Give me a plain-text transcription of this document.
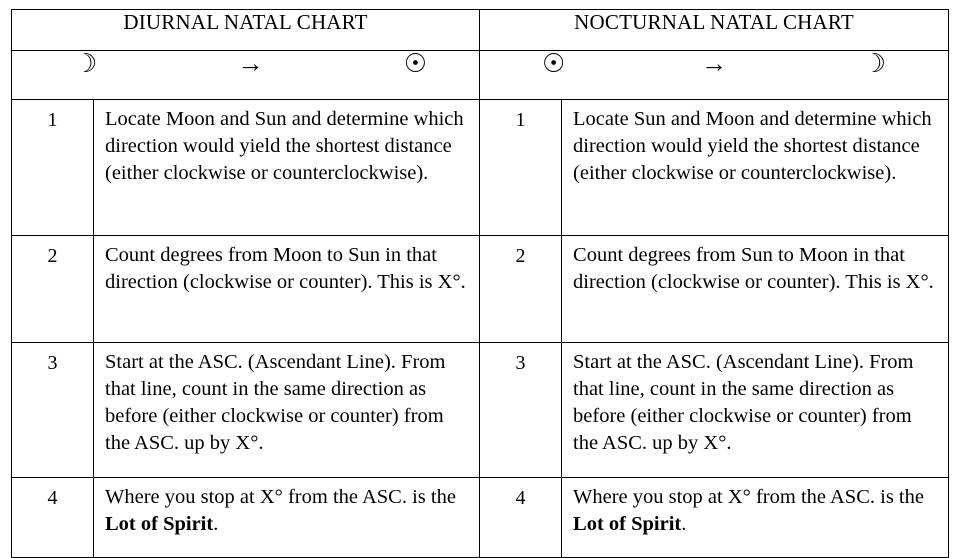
DIURNAL NATAL CHART		NOCTURNAL NATAL CHART	

☽ → ☉		☉ → ☽	

1	Locate Moon and Sun and determine which direction would yield the shortest distance (either clockwise or counterclockwise).	1	Locate Sun and Moon and determine which direction would yield the shortest distance (either clockwise or counterclockwise).
2	Count degrees from Moon to Sun in that direction (clockwise or counter). This is X°.	2	Count degrees from Sun to Moon in that direction (clockwise or counter). This is X°.
3	Start at the ASC. (Ascendant Line). From that line, count in the same direction as before (either clockwise or counter) from the ASC. up by X°.	3	Start at the ASC. (Ascendant Line). From that line, count in the same direction as before (either clockwise or counter) from the ASC. up by X°.
4	Where you stop at X° from the ASC. is the Lot of Spirit.	4	Where you stop at X° from the ASC. is the Lot of Spirit.
